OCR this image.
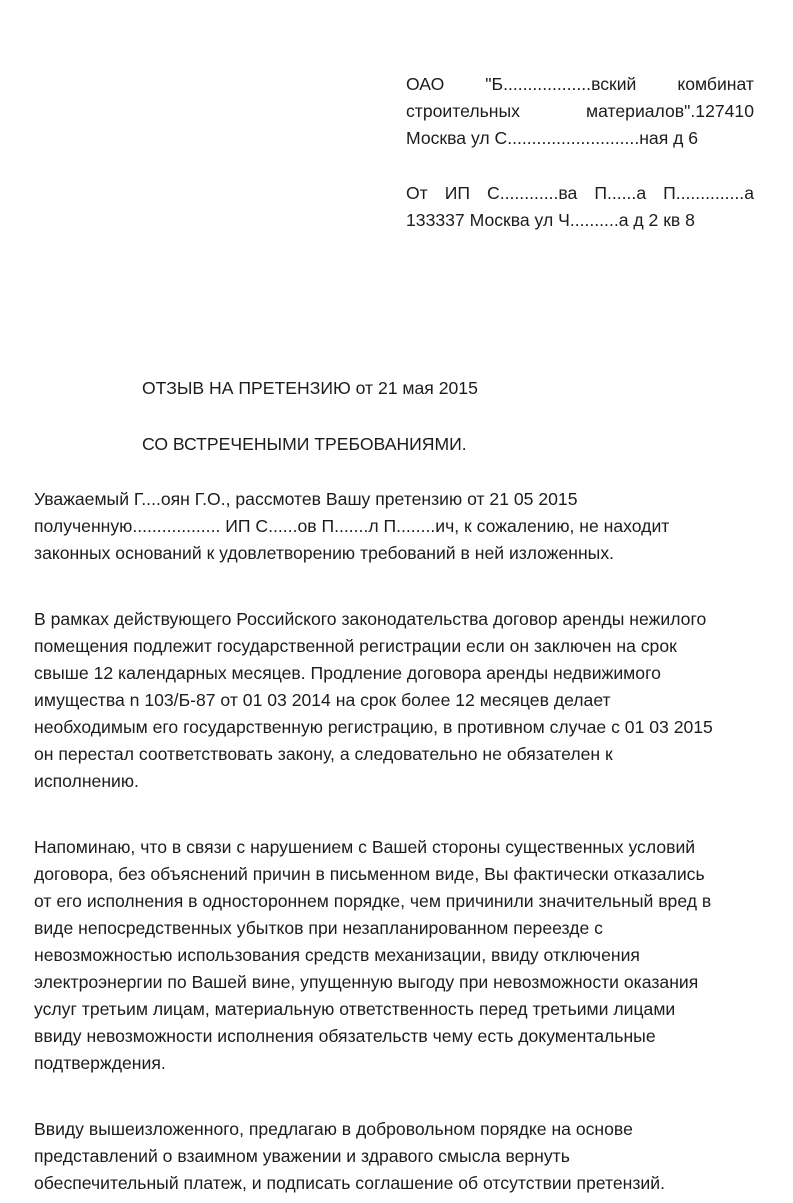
ОАО "Б..................вский комбинат
строительных	материалов".127410
Москва ул С...........................ная д 6
От ИП С............ва П......а П..............а
133337 Москва ул Ч..........а д 2 кв 8
ОТЗЫВ НА ПРЕТЕНЗИЮ от 21 мая 2015
СО ВСТРЕЧЕНЫМИ ТРЕБОВАНИЯМИ.
Уважаемый Г....оян Г.О., рассмотев Вашу претензию от 21 05 2015
полученную.................. ИП С......ов П.......л П........ич, к сожалению, не находит
законных оснований к удовлетворению требований в ней изложенных.
В рамках действующего Российского законодательства договор аренды нежилого
помещения подлежит государственной регистрации если он заключен на срок
свыше 12 календарных месяцев. Продление договора аренды недвижимого
имущества n 103/Б-87 от 01 03 2014 на срок более 12 месяцев делает
необходимым его государственную регистрацию, в противном случае с 01 03 2015
он перестал соответствовать закону, а следовательно не обязателен к
исполнению.
Напоминаю, что в связи с нарушением с Вашей стороны существенных условий
договора, без объяснений причин в письменном виде, Вы фактически отказались
от его исполнения в одностороннем порядке, чем причинили значительный вред в
виде непосредственных убытков при незапланированном переезде с
невозможностью использования средств механизации, ввиду отключения
электроэнергии по Вашей вине, упущенную выгоду при невозможности оказания
услуг третьим лицам, материальную ответственность перед третьими лицами
ввиду невозможности исполнения обязательств чему есть документальные
подтверждения.
Ввиду вышеизложенного, предлагаю в добровольном порядке на основе
представлений о взаимном уважении и здравого смысла вернуть
обеспечительный платеж, и подписать соглашение об отсутствии претензий.
